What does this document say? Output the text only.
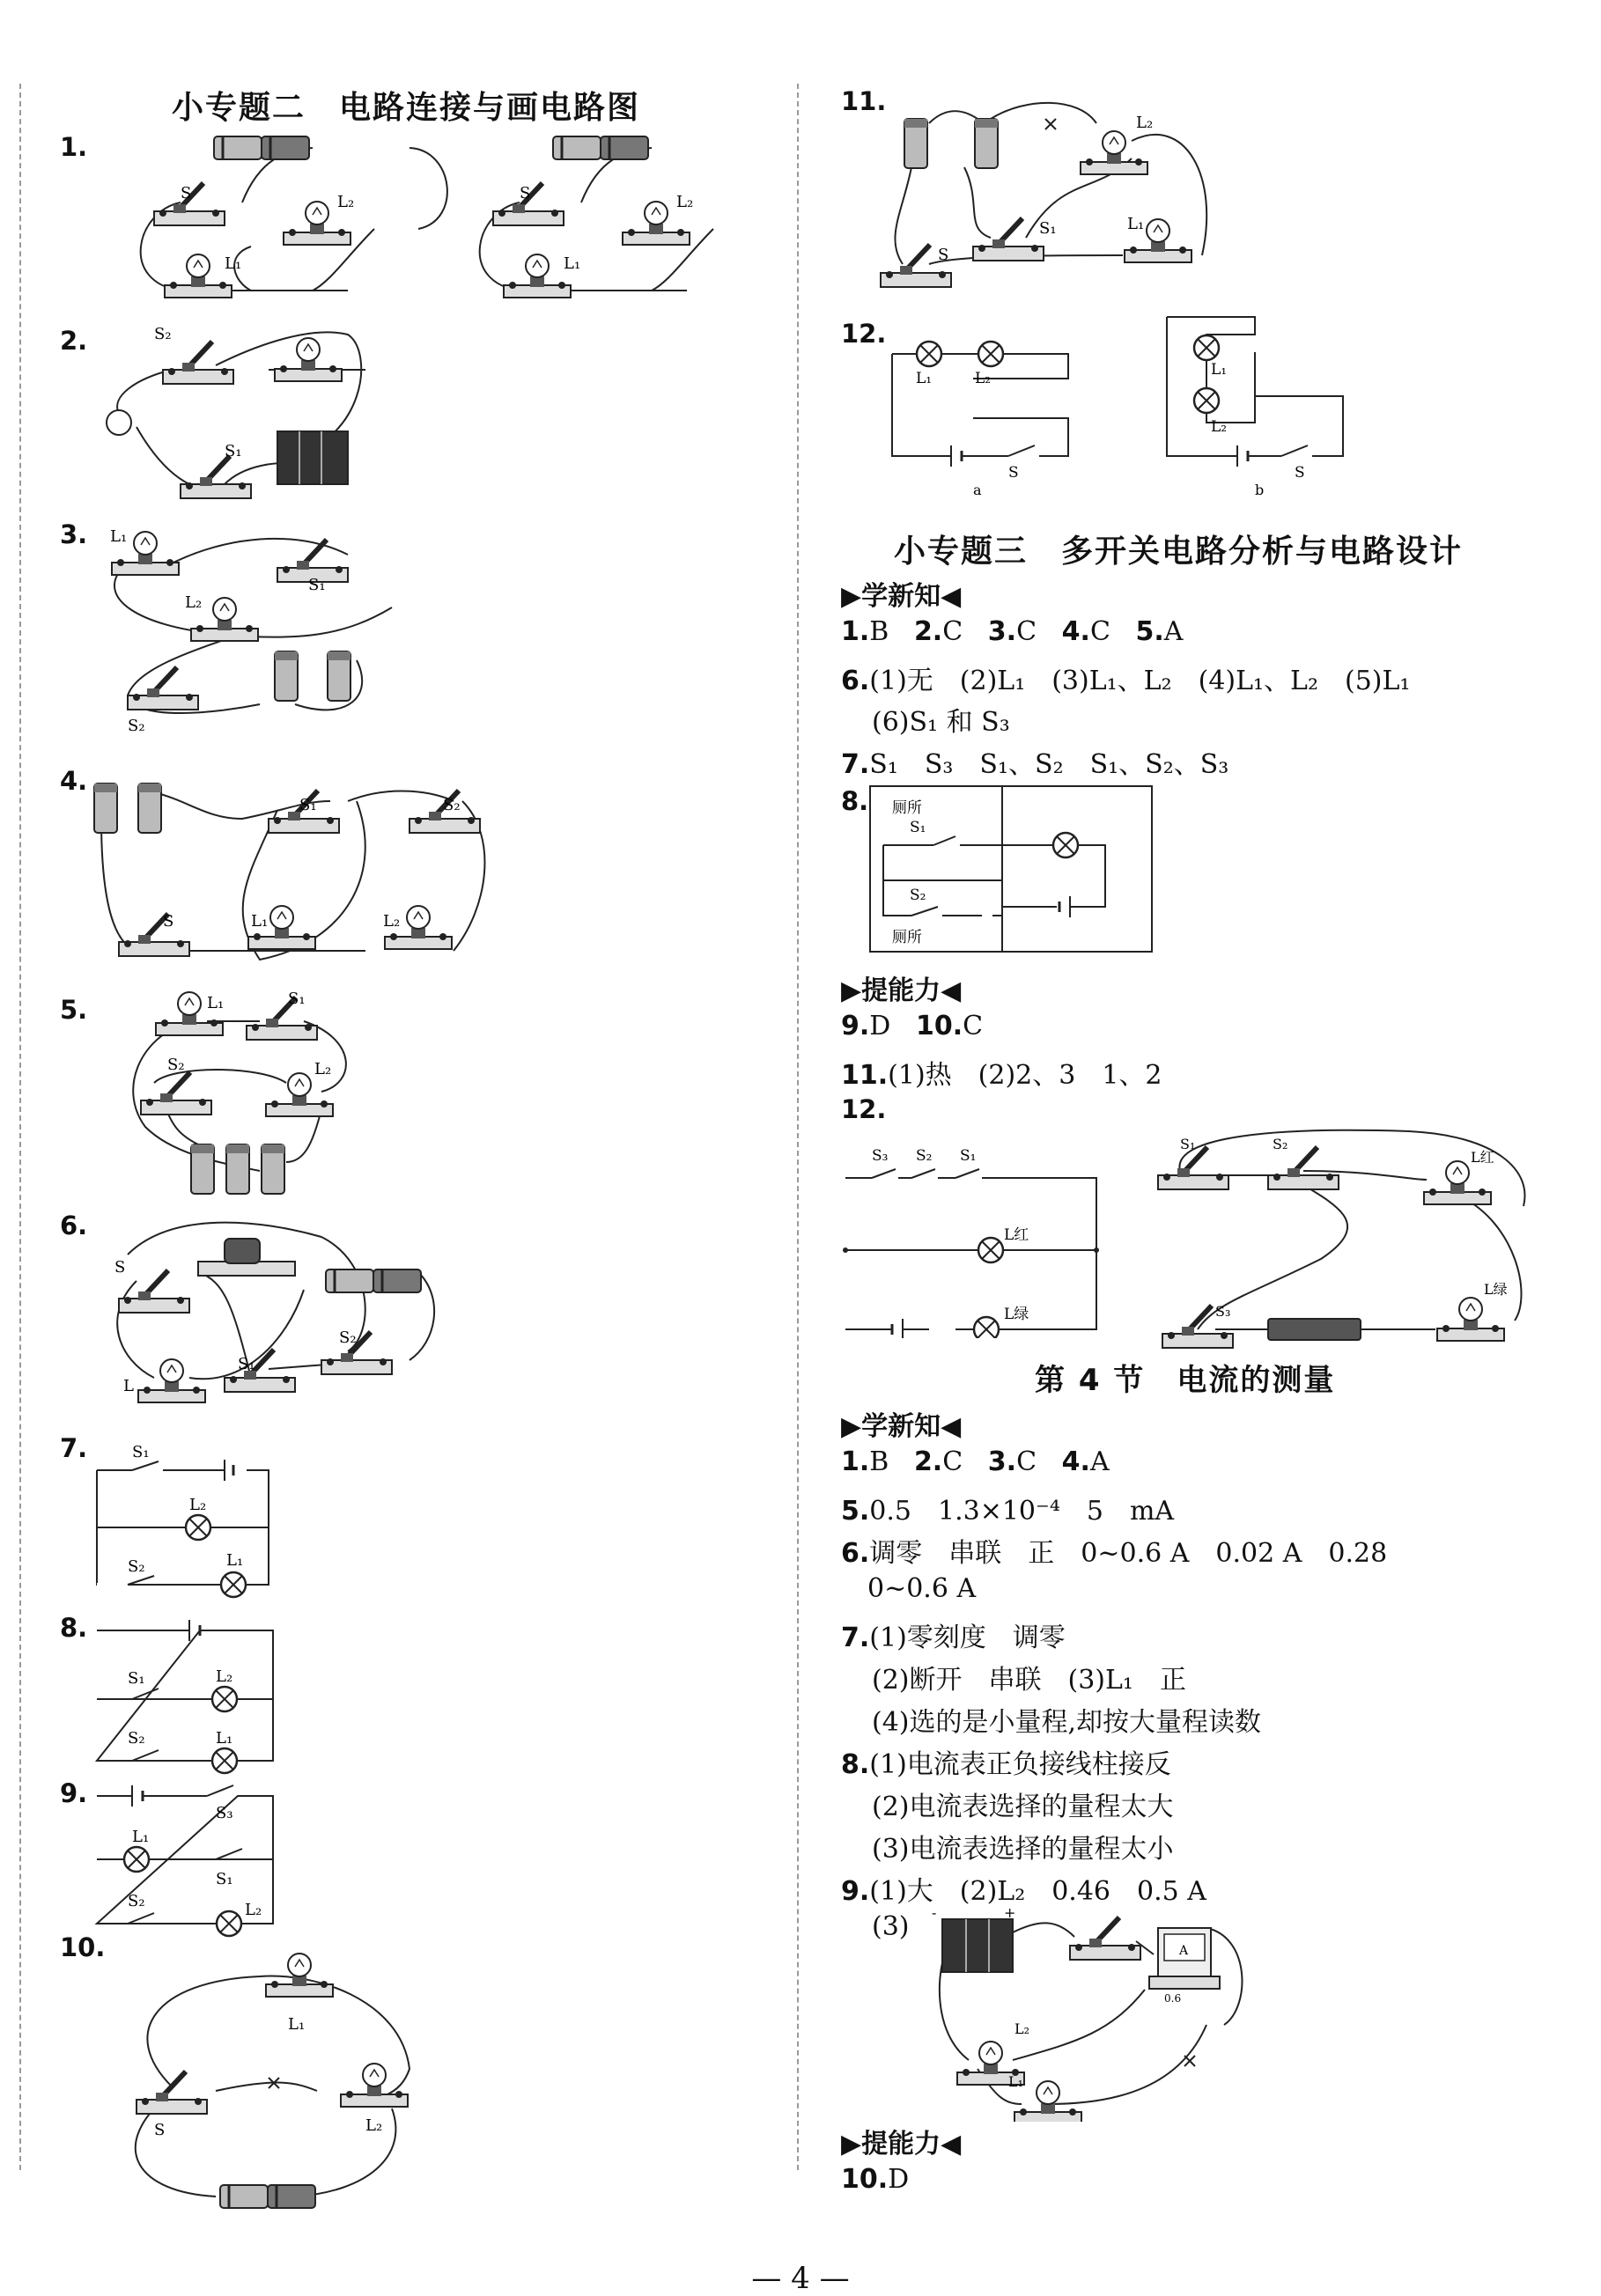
小专题二　电路连接与画电路图
1.
S	L₂
L₁
S	L₂
L₁
2.	S₂
S₁
3. L₁
S₁
L₂
S₂
4.
S₁	S₂
S	L₁	L₂
5.	L₁	S₁
S₂	L₂
6.
S
L
S₁
S₂
7.	S₁
L₂
S₂	L₁
8.
S₁	L₂
S₂	L₁
9.
S₃
L₁
S₁
S₂	L₂
10.
L₁
S	L₂
11.
L₂
S₁	L₁
S
12.
L₁	L₂
S
a
L₁
L₂
S
b
小专题三　多开关电路分析与电路设计
▶学新知◀
1.B 2.C 3.C 4.C 5.A
6.(1)无　(2)L₁　(3)L₁、L₂　(4)L₁、L₂　(5)L₁
(6)S₁ 和 S₃
7.S₁　S₃　S₁、S₂　S₁、S₂、S₃
8. 厕所
S₁
S₂
厕所
▶提能力◀
9.D 10.C
11.(1)热　(2)2、3　1、2
12.
S₃ S₂ S₁
L红
L绿
S₁	S₂
L红
S₃
L绿
第 4 节　电流的测量
▶学新知◀
1.B 2.C 3.C 4.A
5.0.5　1.3×10⁻⁴　5　mA
6.调零　串联　正　0~0.6 A　0.02 A　0.28
0~0.6 A
7.(1)零刻度　调零
(2)断开　串联　(3)L₁　正
(4)选的是小量程,却按大量程读数
8.(1)电流表正负接线柱接反
(2)电流表选择的量程太大
(3)电流表选择的量程太小
9.(1)大　(2)L₂　0.46　0.5 A
(3) -	+
A
0.6
L₂
L₁
▶提能力◀
10.D
— 4 —
